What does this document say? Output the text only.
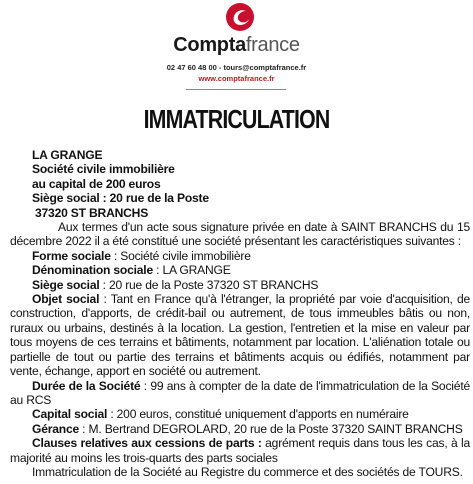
Comptafrance
02 47 60 48 00 - tours@comptafrance.fr
www.comptafrance.fr
IMMATRICULATION

LA GRANGE

Société civile immobilière

au capital de 200 euros

Siège social : 20 rue de la Poste

37320 ST BRANCHS

Aux termes d'un acte sous signature privée en date à SAINT BRANCHS du 15 décembre 2022 il a été constitué une société présentant les caractéristiques suivantes :

Forme sociale : Société civile immobilière

Dénomination sociale : LA GRANGE

Siège social : 20 rue de la Poste 37320 ST BRANCHS

Objet social : Tant en France qu'à l'étranger, la propriété par voie d'acquisition, de construction, d'apports, de crédit-bail ou autrement, de tous immeubles bâtis ou non, ruraux ou urbains, destinés à la location. La gestion, l'entretien et la mise en valeur par tous moyens de ces terrains et bâtiments, notamment par location. L'aliénation totale ou partielle de tout ou partie des terrains et bâtiments acquis ou édifiés, notamment par vente, échange, apport en société ou autrement.

Durée de la Société : 99 ans à compter de la date de l'immatriculation de la Société au RCS

Capital social : 200 euros, constitué uniquement d'apports en numéraire

Gérance : M. Bertrand DEGROLARD, 20 rue de la Poste 37320 SAINT BRANCHS

Clauses relatives aux cessions de parts : agrément requis dans tous les cas, à la majorité au moins les trois-quarts des parts sociales

Immatriculation de la Société au Registre du commerce et des sociétés de TOURS.
